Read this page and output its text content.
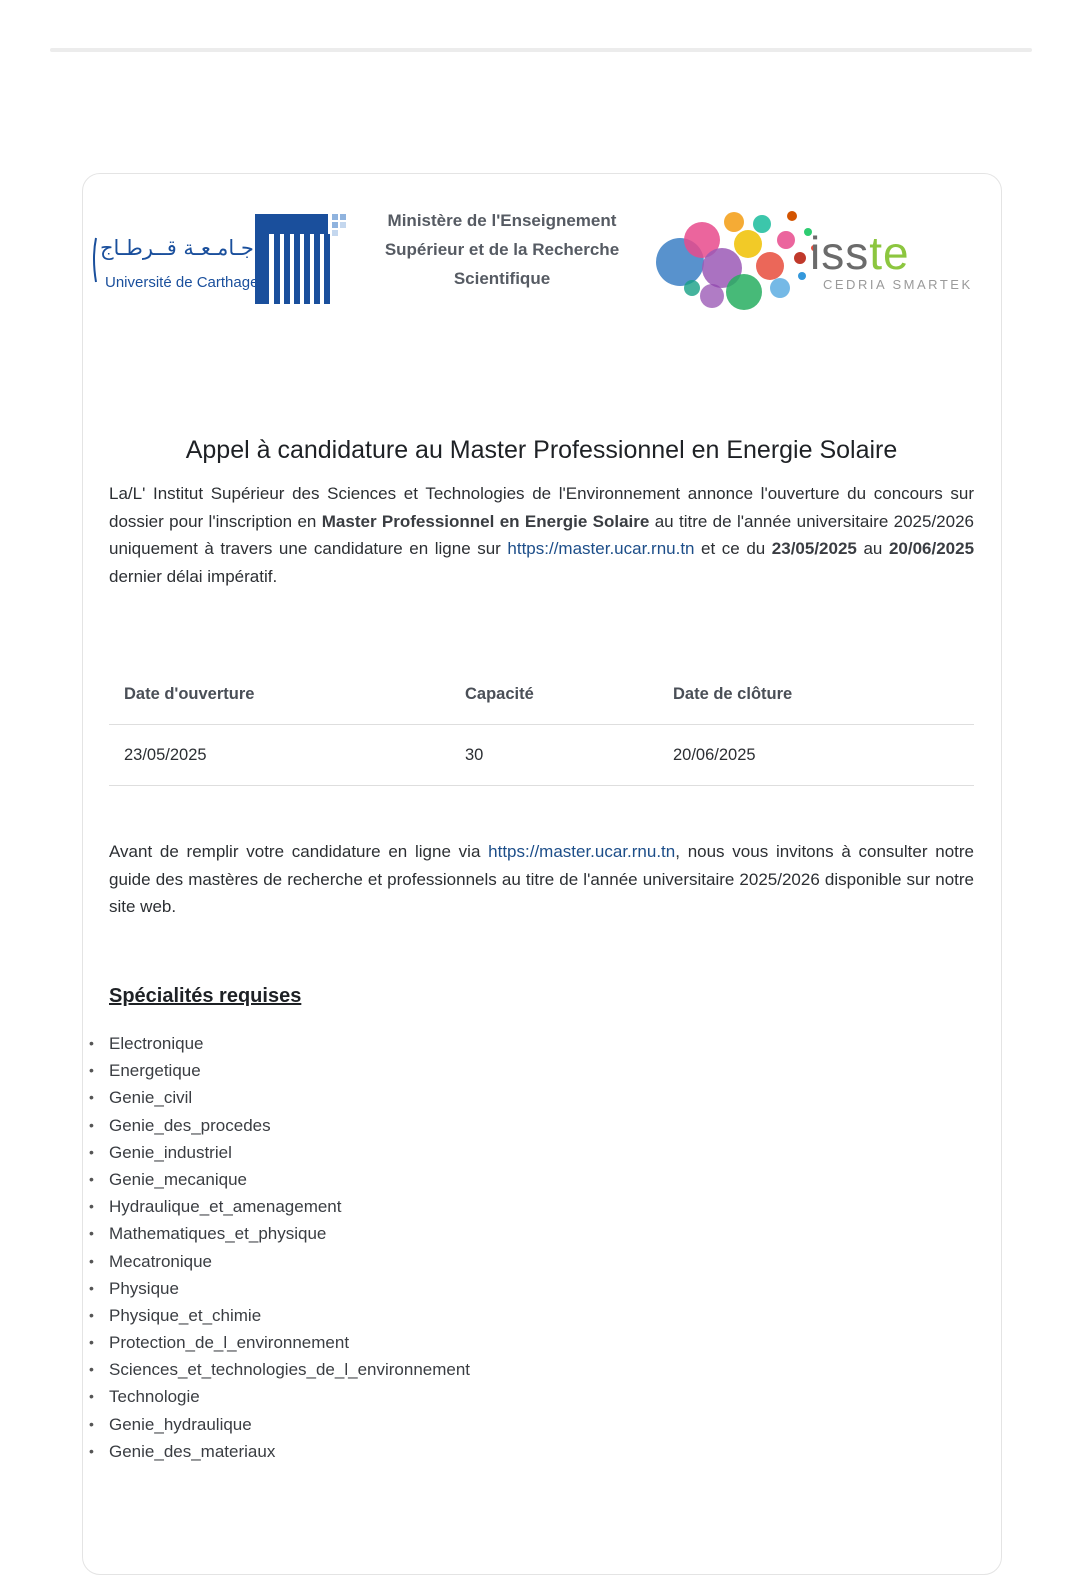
جـامـعـة قــرطـاج
Université de Carthage
Ministère de l'Enseignement Supérieur et de la Recherche Scientifique	isste
CEDRIA SMARTEK
Appel à candidature au Master Professionnel en Energie Solaire
La/L' Institut Supérieur des Sciences et Technologies de l'Environnement annonce l'ouverture du concours sur dossier pour l'inscription en Master Professionnel en Energie Solaire au titre de l'année universitaire 2025/2026 uniquement à travers une candidature en ligne sur https://master.ucar.rnu.tn et ce du 23/05/2025 au 20/06/2025 dernier délai impératif.
Date d'ouverture	Capacité	Date de clôture
23/05/2025	30	20/06/2025
Avant de remplir votre candidature en ligne via https://master.ucar.rnu.tn, nous vous invitons à consulter notre guide des mastères de recherche et professionnels au titre de l'année universitaire 2025/2026 disponible sur notre site web.
Spécialités requises
• Electronique
• Energetique
• Genie_civil
• Genie_des_procedes
• Genie_industriel
• Genie_mecanique
• Hydraulique_et_amenagement
• Mathematiques_et_physique
• Mecatronique
• Physique
• Physique_et_chimie
• Protection_de_l_environnement
• Sciences_et_technologies_de_l_environnement
• Technologie
• Genie_hydraulique
• Genie_des_materiaux
